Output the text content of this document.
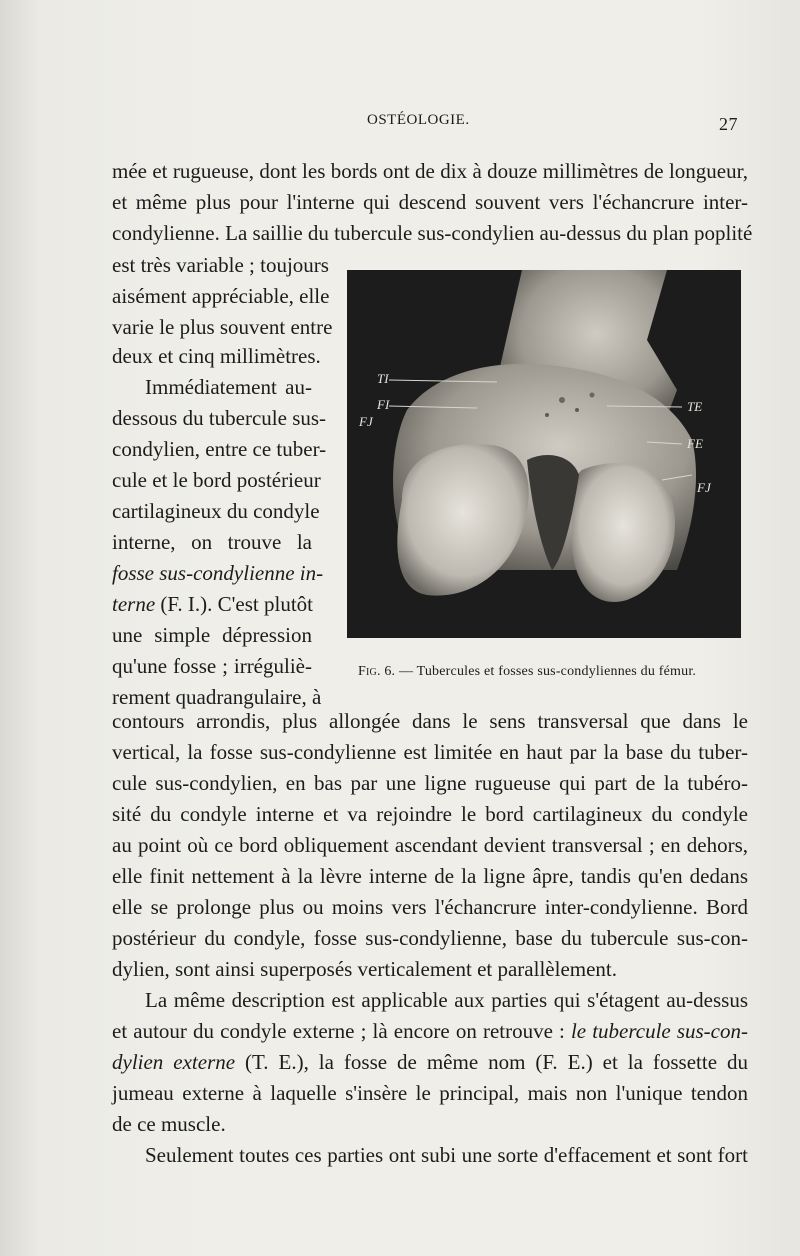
OSTÉOLOGIE.	27
mée et rugueuse, dont les bords ont de dix à douze millimètres de longueur,
et même plus pour l'interne qui descend souvent vers l'échancrure inter-
condylienne. La saillie du tubercule sus-condylien au-dessus du plan poplité
est très variable ; toujours
aisément appréciable, elle
varie le plus souvent entre
deux et cinq millimètres.
Immédiatement au-
dessous du tubercule sus-
condylien, entre ce tuber-
cule et le bord postérieur
cartilagineux du condyle
interne, on trouve la
fosse sus-condylienne in-
terne (F. I.). C'est plutôt
une simple dépression
qu'une fosse ; irréguliè-
rement quadrangulaire, à
TI
FI
FJ
TE
FE
FJ
Fig. 6. — Tubercules et fosses sus-condyliennes du fémur.
contours arrondis, plus allongée dans le sens transversal que dans le
vertical, la fosse sus-condylienne est limitée en haut par la base du tuber-
cule sus-condylien, en bas par une ligne rugueuse qui part de la tubéro-
sité du condyle interne et va rejoindre le bord cartilagineux du condyle
au point où ce bord obliquement ascendant devient transversal ; en dehors,
elle finit nettement à la lèvre interne de la ligne âpre, tandis qu'en dedans
elle se prolonge plus ou moins vers l'échancrure inter-condylienne. Bord
postérieur du condyle, fosse sus-condylienne, base du tubercule sus-con-
dylien, sont ainsi superposés verticalement et parallèlement.
La même description est applicable aux parties qui s'étagent au-dessus
et autour du condyle externe ; là encore on retrouve : le tubercule sus-con-
dylien externe (T. E.), la fosse de même nom (F. E.) et la fossette du
jumeau externe à laquelle s'insère le principal, mais non l'unique tendon
de ce muscle.
Seulement toutes ces parties ont subi une sorte d'effacement et sont fort
